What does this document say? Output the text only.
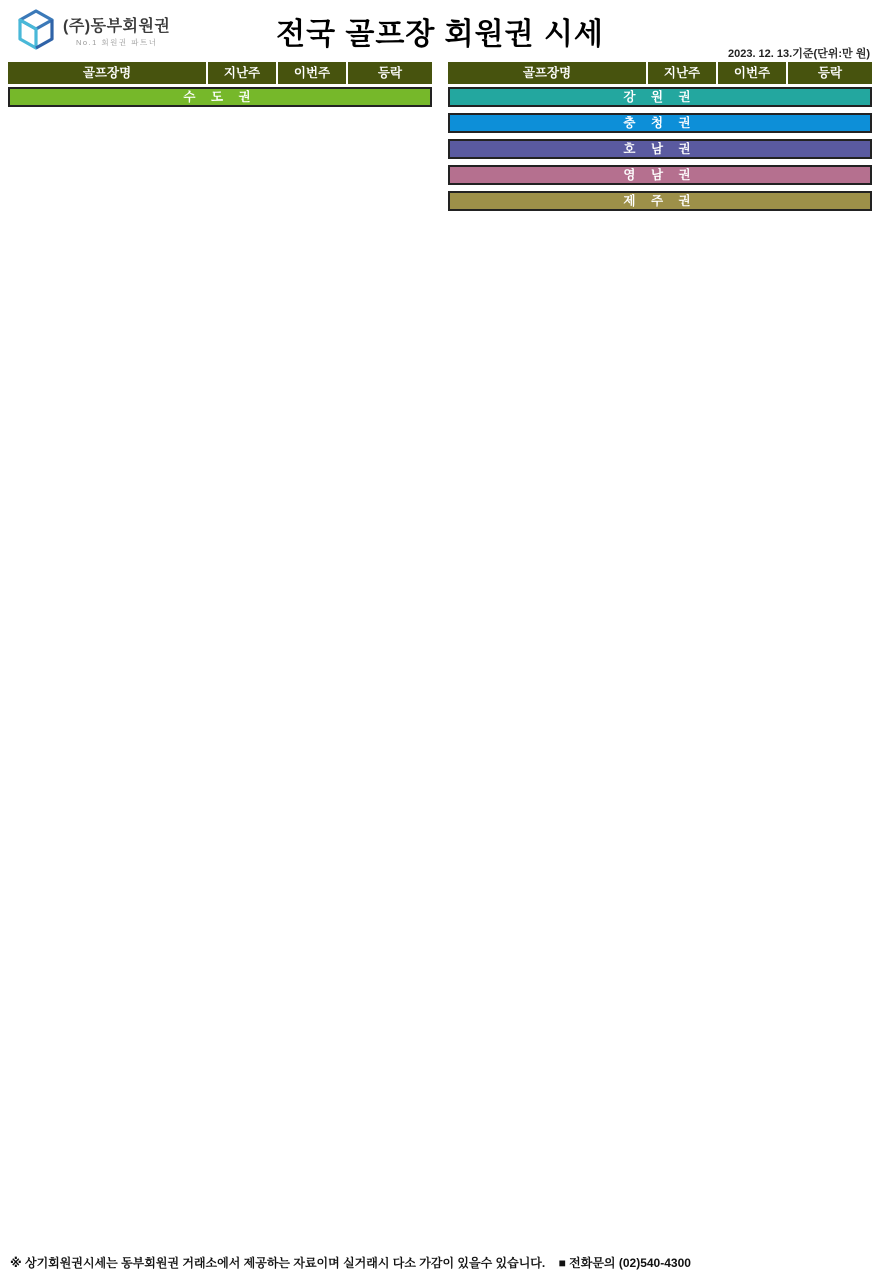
(주)동부회원권
No.1 회원권 파트너	전국 골프장 회원권 시세
2023. 12. 13.기준(단위:만 원)
골프장명	지난주	이번주	등락
수 도 권
골프장명	지난주	이번주	등락
강 원 권
충 청 권
호 남 권
영 남 권
제 주 권
※ 상기회원권시세는 동부회원권 거래소에서 제공하는 자료이며 실거래시 다소 가감이 있을수 있습니다. ■ 전화문의 (02)540-4300
